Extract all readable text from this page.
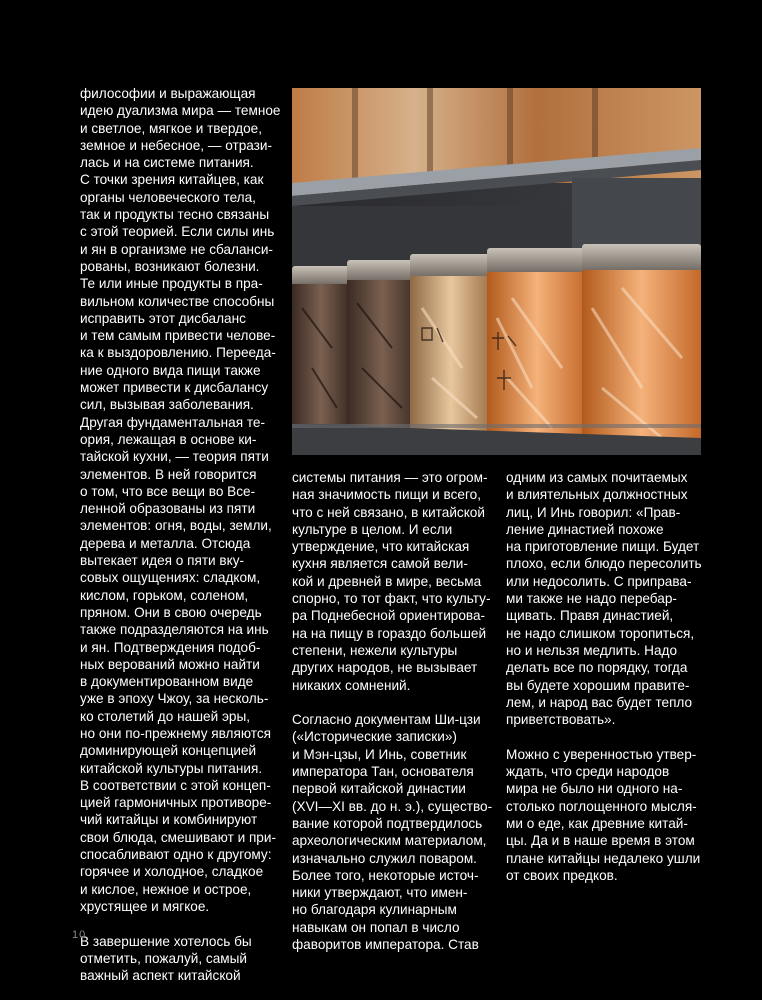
философии и выражающая
идею дуализма мира — темное
и светлое, мягкое и твердое,
земное и небесное, — отрази-
лась и на системе питания.
С точки зрения китайцев, как
органы человеческого тела,
так и продукты тесно связаны
с этой теорией. Если силы инь
и ян в организме не сбаланси-
рованы, возникают болезни.
Те или иные продукты в пра-
вильном количестве способны
исправить этот дисбаланс
и тем самым привести челове-
ка к выздоровлению. Перееда-
ние одного вида пищи также
может привести к дисбалансу
сил, вызывая заболевания.
Другая фундаментальная те-
ория, лежащая в основе ки-
тайской кухни, — теория пяти
элементов. В ней говорится
о том, что все вещи во Все-
ленной образованы из пяти
элементов: огня, воды, земли,
дерева и металла. Отсюда
вытекает идея о пяти вку-
совых ощущениях: сладком,
кислом, горьком, соленом,
пряном. Они в свою очередь
также подразделяются на инь
и ян. Подтверждения подоб-
ных верований можно найти
в документированном виде
уже в эпоху Чжоу, за несколь-
ко столетий до нашей эры,
но они по-прежнему являются
доминирующей концепцией
китайской культуры питания.
В соответствии с этой концеп-
цией гармоничных противоре-
чий китайцы и комбинируют
свои блюда, смешивают и при-
спосабливают одно к другому:
горячее и холодное, сладкое
и кислое, нежное и острое,
хрустящее и мягкое.
В завершение хотелось бы
отметить, пожалуй, самый
важный аспект китайской
системы питания — это огром-
ная значимость пищи и всего,
что с ней связано, в китайской
культуре в целом. И если
утверждение, что китайская
кухня является самой вели-
кой и древней в мире, весьма
спорно, то тот факт, что культу-
ра Поднебесной ориентирова-
на на пищу в гораздо большей
степени, нежели культуры
других народов, не вызывает
никаких сомнений.
Согласно документам Ши-цзи
(«Исторические записки»)
и Мэн-цзы, И Инь, советник
императора Тан, основателя
первой китайской династии
(XVI—XI вв. до н. э.), существо-
вание которой подтвердилось
археологическим материалом,
изначально служил поваром.
Более того, некоторые источ-
ники утверждают, что имен-
но благодаря кулинарным
навыкам он попал в число
фаворитов императора. Став
одним из самых почитаемых
и влиятельных должностных
лиц, И Инь говорил: «Прав-
ление династией похоже
на приготовление пищи. Будет
плохо, если блюдо пересолить
или недосолить. С приправа-
ми также не надо перебар-
щивать. Правя династией,
не надо слишком торопиться,
но и нельзя медлить. Надо
делать все по порядку, тогда
вы будете хорошим правите-
лем, и народ вас будет тепло
приветствовать».
Можно с уверенностью утвер-
ждать, что среди народов
мира не было ни одного на-
столько поглощенного мысля-
ми о еде, как древние китай-
цы. Да и в наше время в этом
плане китайцы недалеко ушли
от своих предков.
10
